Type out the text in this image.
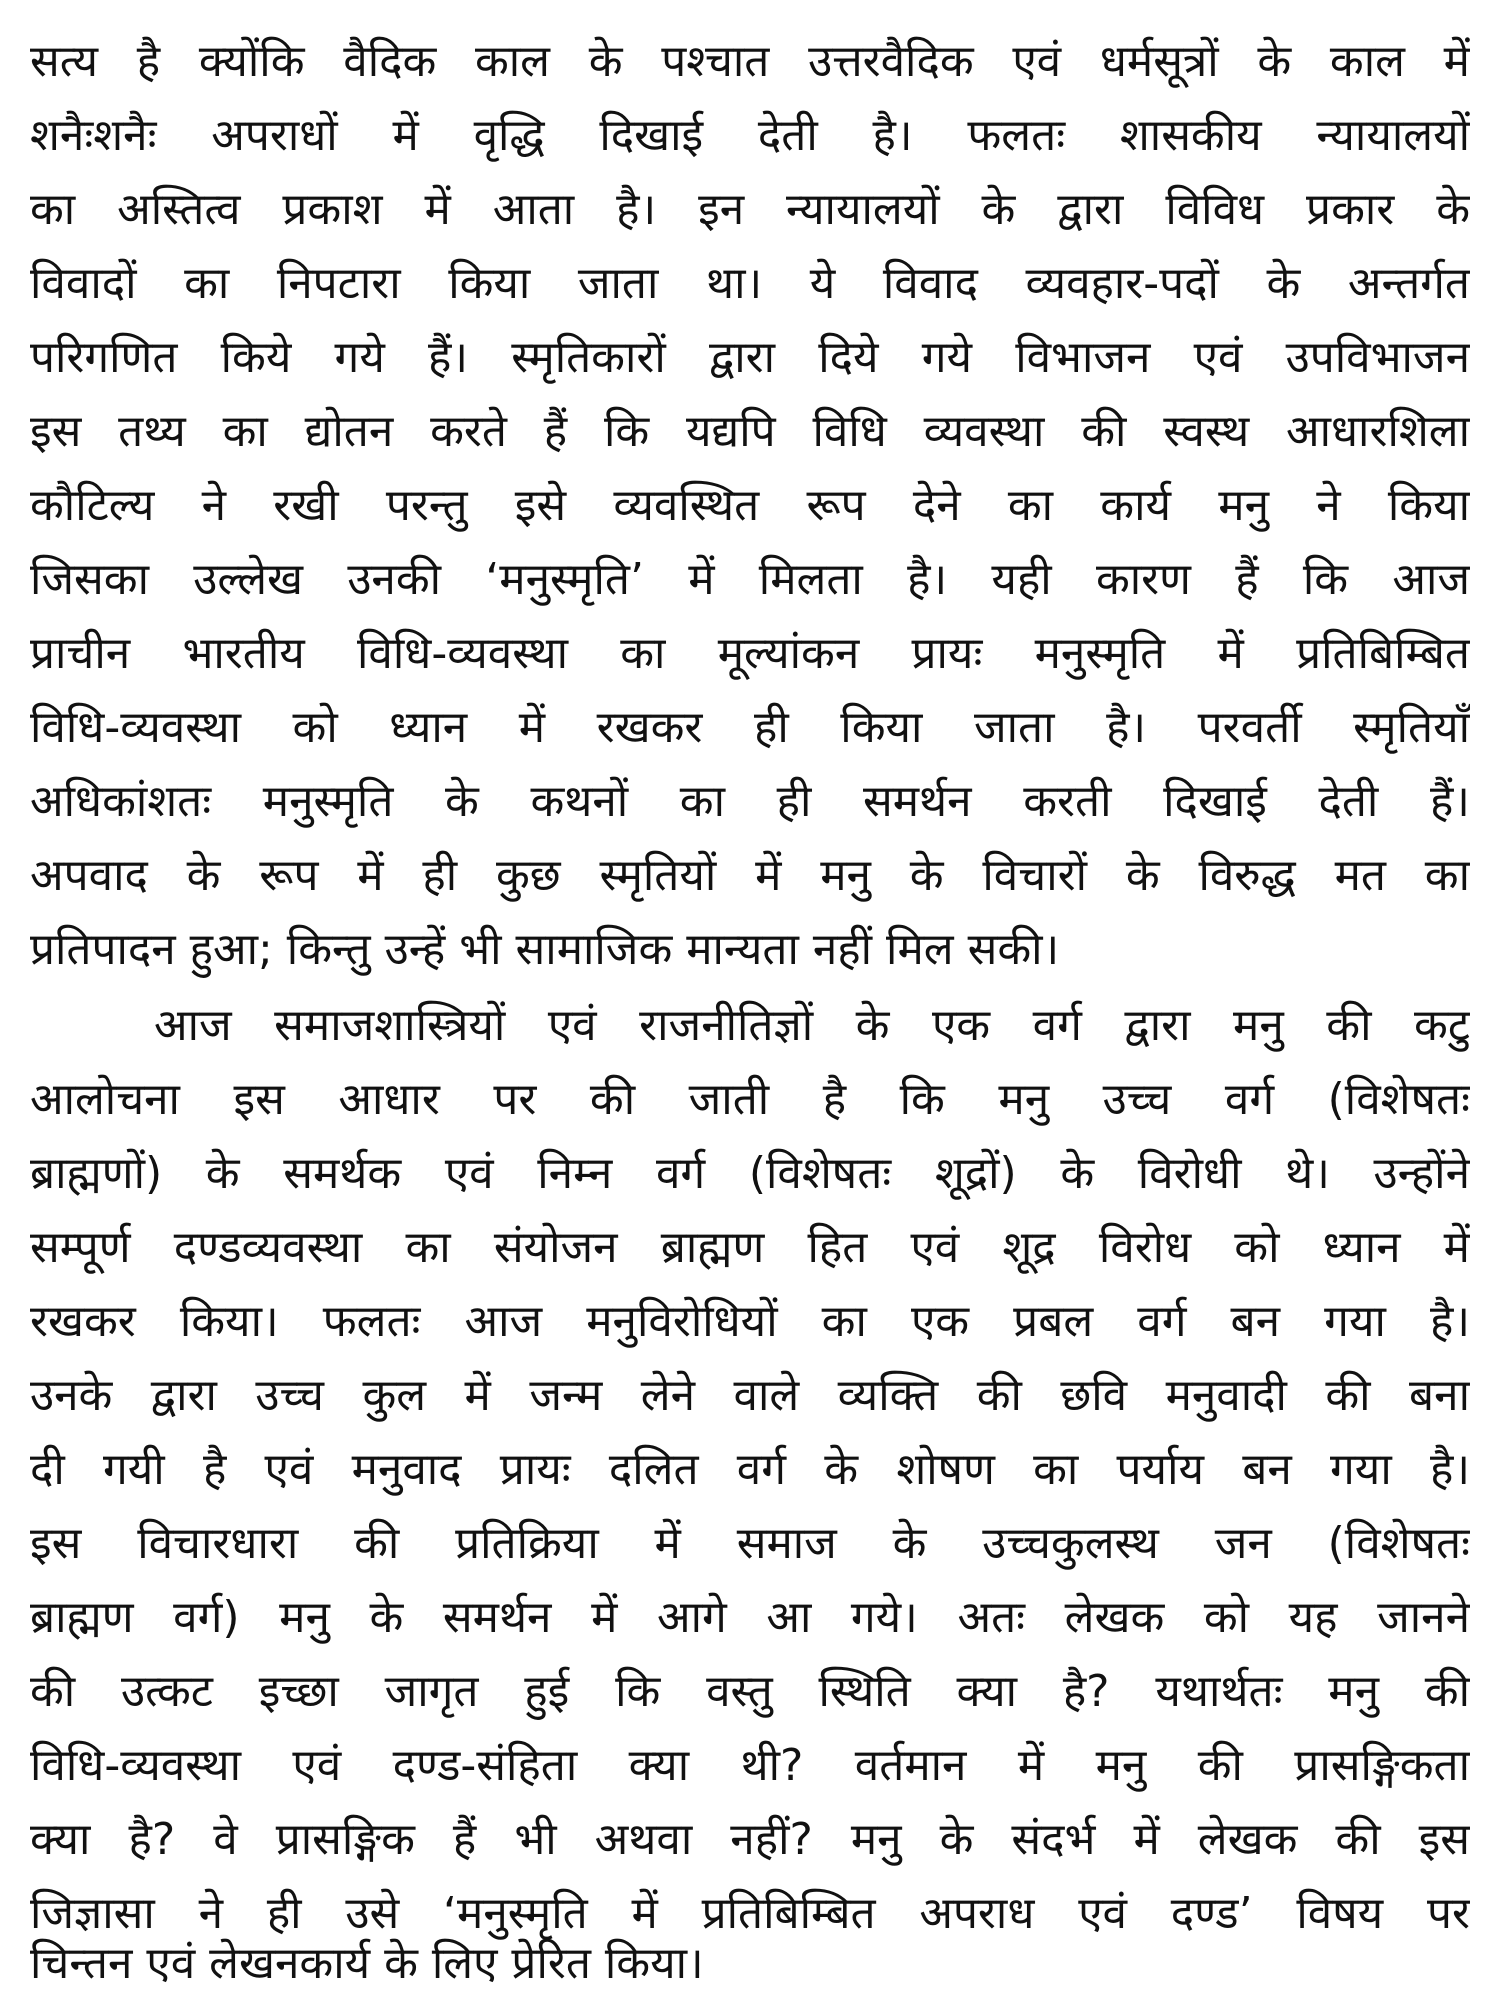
सत्य है क्योंकि वैदिक काल के पश्चात उत्तरवैदिक एवं धर्मसूत्रों के काल में
शनैःशनैः अपराधों में वृद्धि दिखाई देती है। फलतः शासकीय न्यायालयों
का अस्तित्व प्रकाश में आता है। इन न्यायालयों के द्वारा विविध प्रकार के
विवादों का निपटारा किया जाता था। ये विवाद व्यवहार-पदों के अन्तर्गत
परिगणित किये गये हैं। स्मृतिकारों द्वारा दिये गये विभाजन एवं उपविभाजन
इस तथ्य का द्योतन करते हैं कि यद्यपि विधि व्यवस्था की स्वस्थ आधारशिला
कौटिल्य ने रखी परन्तु इसे व्यवस्थित रूप देने का कार्य मनु ने किया
जिसका उल्लेख उनकी ‘मनुस्मृति’ में मिलता है। यही कारण हैं कि आज
प्राचीन भारतीय विधि-व्यवस्था का मूल्यांकन प्रायः मनुस्मृति में प्रतिबिम्बित
विधि-व्यवस्था को ध्यान में रखकर ही किया जाता है। परवर्ती स्मृतियाँ
अधिकांशतः मनुस्मृति के कथनों का ही समर्थन करती दिखाई देती हैं।
अपवाद के रूप में ही कुछ स्मृतियों में मनु के विचारों के विरुद्ध मत का
प्रतिपादन हुआ; किन्तु उन्हें भी सामाजिक मान्यता नहीं मिल सकी।
आज समाजशास्त्रियों एवं राजनीतिज्ञों के एक वर्ग द्वारा मनु की कटु
आलोचना इस आधार पर की जाती है कि मनु उच्च वर्ग (विशेषतः
ब्राह्मणों) के समर्थक एवं निम्न वर्ग (विशेषतः शूद्रों) के विरोधी थे। उन्होंने
सम्पूर्ण दण्डव्यवस्था का संयोजन ब्राह्मण हित एवं शूद्र विरोध को ध्यान में
रखकर किया। फलतः आज मनुविरोधियों का एक प्रबल वर्ग बन गया है।
उनके द्वारा उच्च कुल में जन्म लेने वाले व्यक्ति की छवि मनुवादी की बना
दी गयी है एवं मनुवाद प्रायः दलित वर्ग के शोषण का पर्याय बन गया है।
इस विचारधारा की प्रतिक्रिया में समाज के उच्चकुलस्थ जन (विशेषतः
ब्राह्मण वर्ग) मनु के समर्थन में आगे आ गये। अतः लेखक को यह जानने
की उत्कट इच्छा जागृत हुई कि वस्तु स्थिति क्या है? यथार्थतः मनु की
विधि-व्यवस्था एवं दण्ड-संहिता क्या थी? वर्तमान में मनु की प्रासङ्गिकता
क्या है? वे प्रासङ्गिक हैं भी अथवा नहीं? मनु के संदर्भ में लेखक की इस
जिज्ञासा ने ही उसे ‘मनुस्मृति में प्रतिबिम्बित अपराध एवं दण्ड’ विषय पर
चिन्तन एवं लेखनकार्य के लिए प्रेरित किया।
